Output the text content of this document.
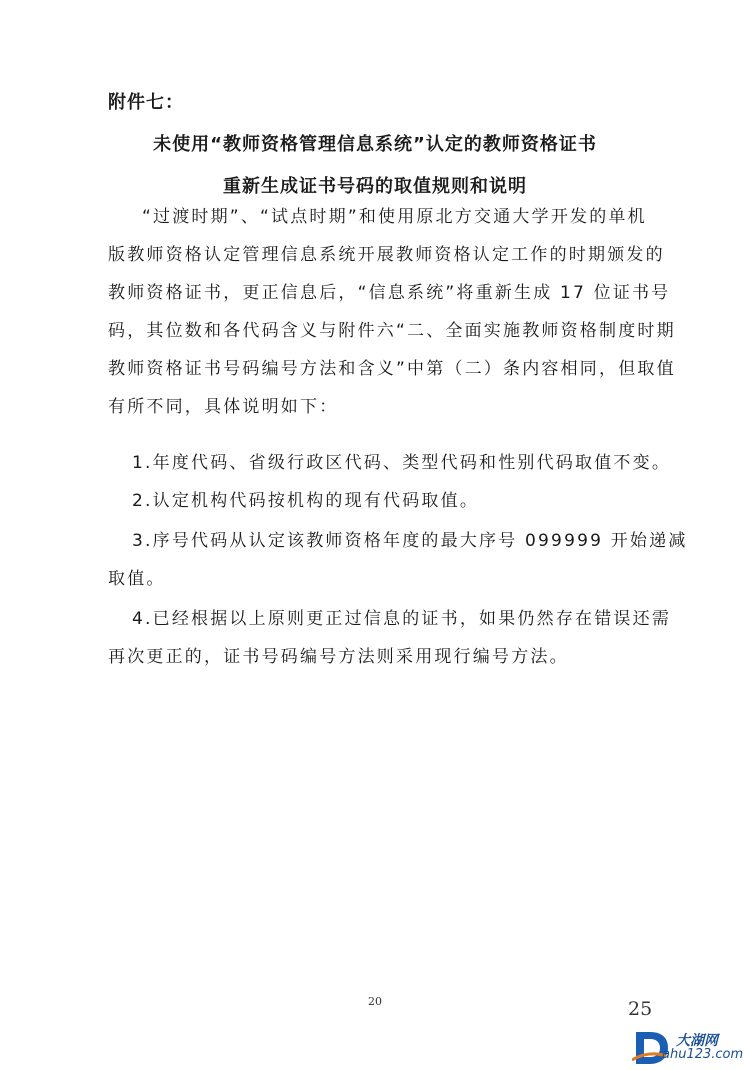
附件七：
未使用“教师资格管理信息系统”认定的教师资格证书
重新生成证书号码的取值规则和说明
“过渡时期”、“试点时期”和使用原北方交通大学开发的单机
版教师资格认定管理信息系统开展教师资格认定工作的时期颁发的
教师资格证书，更正信息后，“信息系统”将重新生成 17 位证书号
码，其位数和各代码含义与附件六“二、全面实施教师资格制度时期
教师资格证书号码编号方法和含义”中第（二）条内容相同，但取值
有所不同，具体说明如下：
1.年度代码、省级行政区代码、类型代码和性别代码取值不变。
2.认定机构代码按机构的现有代码取值。
3.序号代码从认定该教师资格年度的最大序号 099999 开始递减
取值。
4.已经根据以上原则更正过信息的证书，如果仍然存在错误还需
再次更正的，证书号码编号方法则采用现行编号方法。
20	25
大湖网
ahu123.com
